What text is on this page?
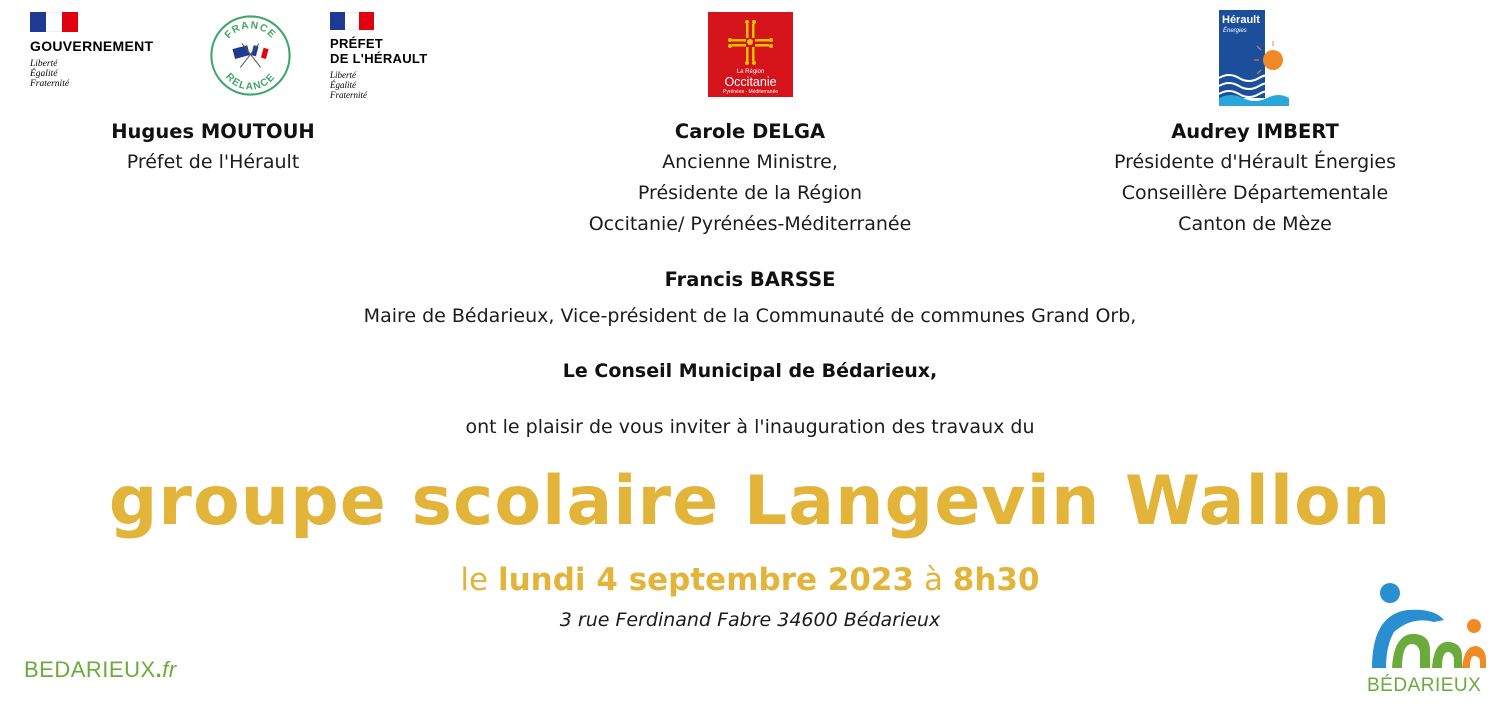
GOUVERNEMENT
Liberté
Égalité
Fraternité
FRANCE
RELANCE
PRÉFET
DE L'HÉRAULT
Liberté
Égalité
Fraternité
La Région
Occitanie
Pyrénées - Méditerranée
Hérault
Énergies
Hugues MOUTOUH
Préfet de l'Hérault
Carole DELGA
Ancienne Ministre,
Présidente de la Région
Occitanie/ Pyrénées-Méditerranée
Audrey IMBERT
Présidente d'Hérault Énergies
Conseillère Départementale
Canton de Mèze
Francis BARSSE
Maire de Bédarieux, Vice-président de la Communauté de communes Grand Orb,
Le Conseil Municipal de Bédarieux,
ont le plaisir de vous inviter à l'inauguration des travaux du
groupe scolaire Langevin Wallon
le lundi 4 septembre 2023 à 8h30
3 rue Ferdinand Fabre 34600 Bédarieux
BEDARIEUX.fr
BÉDARIEUX
